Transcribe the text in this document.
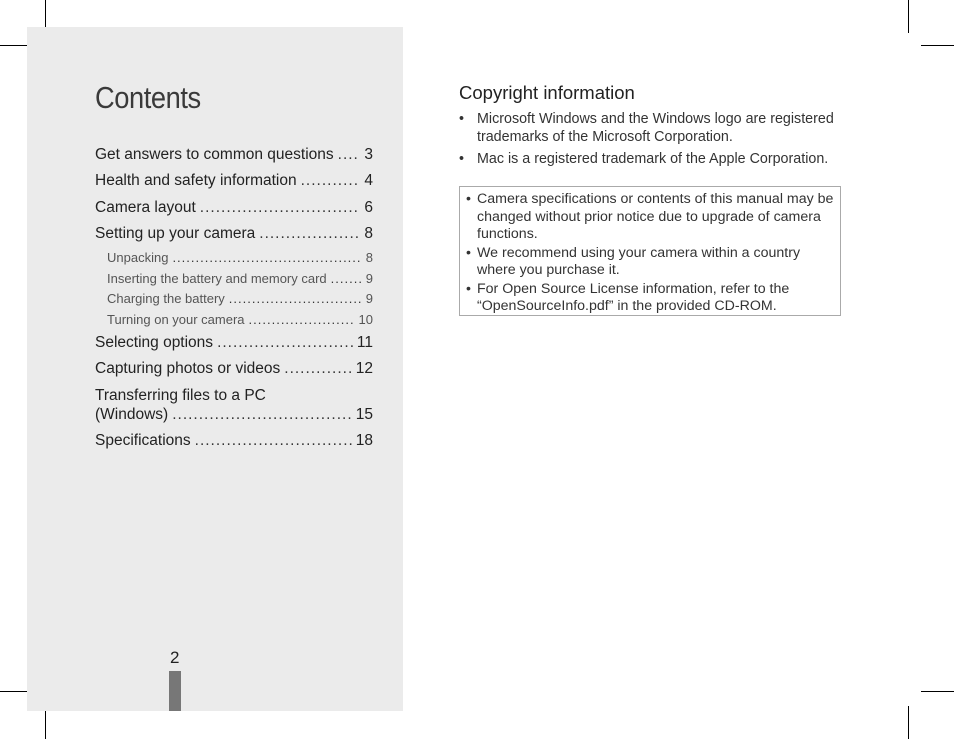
Contents
Get answers to common questions ..... 3
Health and safety information .....	4
Camera layout .....	6
Setting up your camera .....	8
Unpacking .....	8
Inserting the battery and memory card .....	9
Charging the battery .....	9
Turning on your camera .....	10
Selecting options .....	11
Capturing photos or videos .....	12
Transferring files to a PC
(Windows) .....	15
Specifications .....	18
2
Copyright information
• Microsoft Windows and the Windows logo are registered trademarks of the Microsoft Corporation.
• Mac is a registered trademark of the Apple Corporation.
• Camera specifications or contents of this manual may be changed without prior notice due to upgrade of camera functions.
• We recommend using your camera within a country where you purchase it.
• For Open Source License information, refer to the “OpenSourceInfo.pdf” in the provided CD-ROM.
